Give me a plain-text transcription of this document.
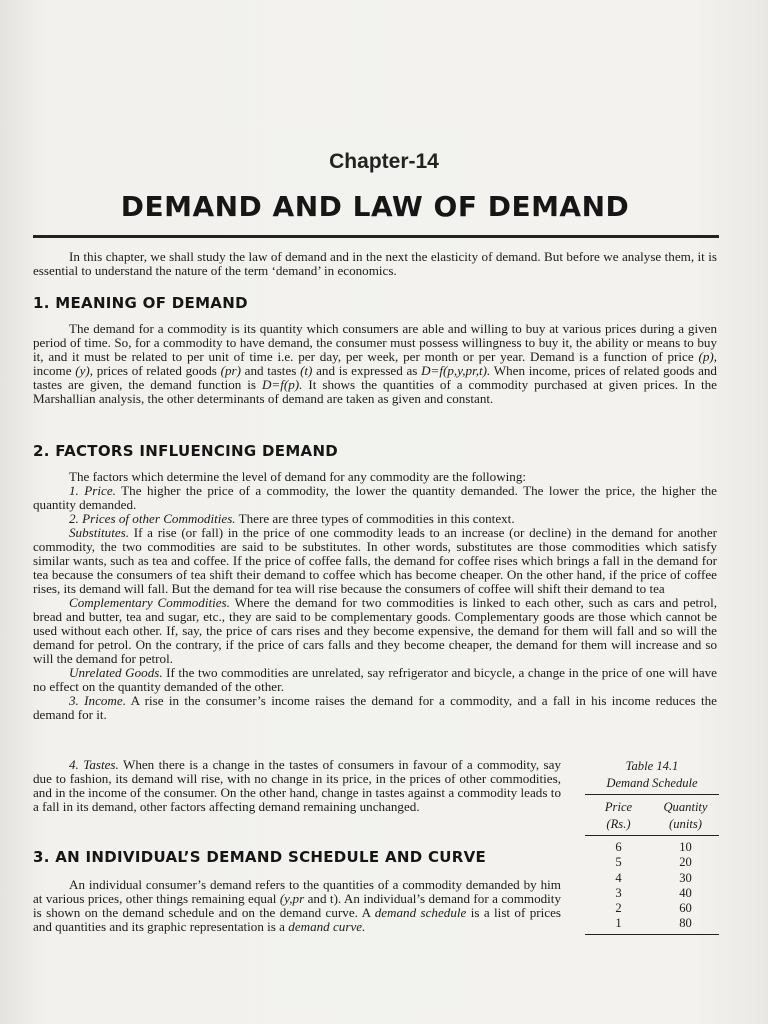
Chapter-14
DEMAND AND LAW OF DEMAND

In this chapter, we shall study the law of demand and in the next the elasticity of demand. But before we analyse them, it is essential to understand the nature of the term ‘demand’ in economics.

1. MEANING OF DEMAND

The demand for a commodity is its quantity which consumers are able and willing to buy at various prices during a given period of time. So, for a commodity to have demand, the consumer must possess willingness to buy it, the ability or means to buy it, and it must be related to per unit of time i.e. per day, per week, per month or per year. Demand is a function of price (p), income (y), prices of related goods (pr) and tastes (t) and is expressed as D=f(p,y,pr,t). When income, prices of related goods and tastes are given, the demand function is D=f(p). It shows the quantities of a commodity purchased at given prices. In the Marshallian analysis, the other determinants of demand are taken as given and constant.

2. FACTORS INFLUENCING DEMAND

The factors which determine the level of demand for any commodity are the following:

1. Price. The higher the price of a commodity, the lower the quantity demanded. The lower the price, the higher the quantity demanded.

2. Prices of other Commodities. There are three types of commodities in this context.

Substitutes. If a rise (or fall) in the price of one commodity leads to an increase (or decline) in the demand for another commodity, the two commodities are said to be substitutes. In other words, substitutes are those commodities which satisfy similar wants, such as tea and coffee. If the price of coffee falls, the demand for coffee rises which brings a fall in the demand for tea because the consumers of tea shift their demand to coffee which has become cheaper. On the other hand, if the price of coffee rises, its demand will fall. But the demand for tea will rise because the consumers of coffee will shift their demand to tea

Complementary Commodities. Where the demand for two commodities is linked to each other, such as cars and petrol, bread and butter, tea and sugar, etc., they are said to be complementary goods. Complementary goods are those which cannot be used without each other. If, say, the price of cars rises and they become expensive, the demand for them will fall and so will the demand for petrol. On the contrary, if the price of cars falls and they become cheaper, the demand for them will increase and so will the demand for petrol.

Unrelated Goods. If the two commodities are unrelated, say refrigerator and bicycle, a change in the price of one will have no effect on the quantity demanded of the other.

3. Income. A rise in the consumer’s income raises the demand for a commodity, and a fall in his income reduces the demand for it.

4. Tastes. When there is a change in the tastes of consumers in favour of a commodity, say due to fashion, its demand will rise, with no change in its price, in the prices of other commodities, and in the income of the consumer. On the other hand, change in tastes against a commodity leads to a fall in its demand, other factors affecting demand remaining unchanged.

3. AN INDIVIDUAL’S DEMAND SCHEDULE AND CURVE

An individual consumer’s demand refers to the quantities of a commodity demanded by him at various prices, other things remaining equal (y,pr and t). An individual’s demand for a commodity is shown on the demand schedule and on the demand curve. A demand schedule is a list of prices and quantities and its graphic representation is a demand curve.

Table 14.1
Demand Schedule
Price
(Rs.)
Quantity
(units)
6	10
5	20
4	30
3	40
2	60
1	80
